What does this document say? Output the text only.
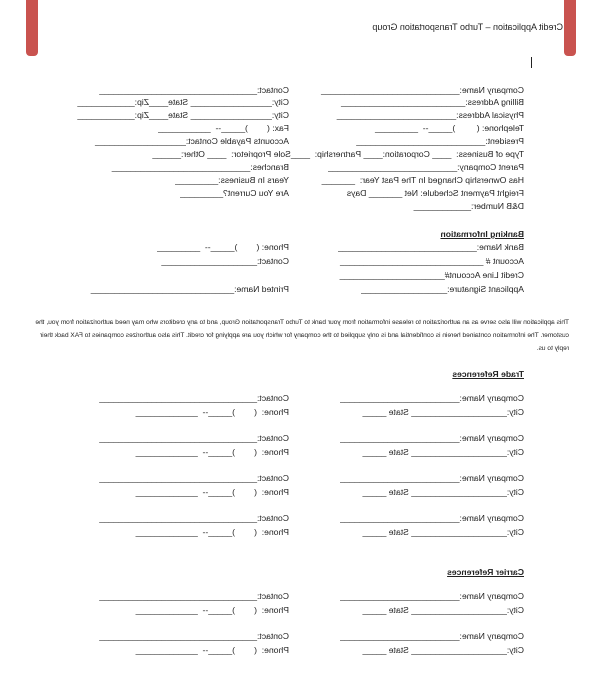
Credit Application – Turbo Transportation Group
Company Name:_____________________________
Contact:_________________________________
Billing Address:__________________________
City:_________________ State____Zip:____________
Physical Address:_________________________
City:_________________ State____Zip:____________
Telephone: (         )_____--  _________
Fax: (        )_____--  ___________
President:___________________________
Accounts Payable Contact:___________________
Type of Business:  ____ Corporation:____ Partnership:  ____Sole Proprietor:  ____ Other:______
Parent Company:___________________________
Branches:_____________________________
Has Ownership Changed In The Past Year:  _______
Years In Business:_________
Freight Payment Schedule: Net _______ Days
Are You Current?_________
D&B Number:____________
Banking Information
Bank Name:_____________________________
Phone: (        )_____--  _________
Account # ______________________________
Contact:____________________
Credit Line Account#______________________
Applicant Signature:__________________
Printed Name:______________________________
This application will also serve as an authorization to release information from your bank to Turbo Transportation Group, and to any creditors who may need authorization from you, the customer. The information contained herein is confidential and is only supplied to the company for which you are applying for credit. This also authorizes companies to FAX back their reply to us.
Trade References
Company Name:_________________________
Contact:_________________________________
City:____________________ State _____
Phone:  (        )_____--  _____________
Company Name:_________________________
Contact:_________________________________
City:____________________ State _____
Phone:  (        )_____--  _____________
Company Name:_________________________
Contact:_________________________________
City:____________________ State _____
Phone:  (        )_____--  _____________
Company Name:_________________________
Contact:_________________________________
City:____________________ State _____
Phone:  (        )_____--  _____________
Carrier References
Company Name:_________________________
Contact:_________________________________
City:____________________ State _____
Phone:  (        )_____--  _____________
Company Name:_________________________
Contact:_________________________________
City:____________________ State _____
Phone:  (        )_____--  _____________
